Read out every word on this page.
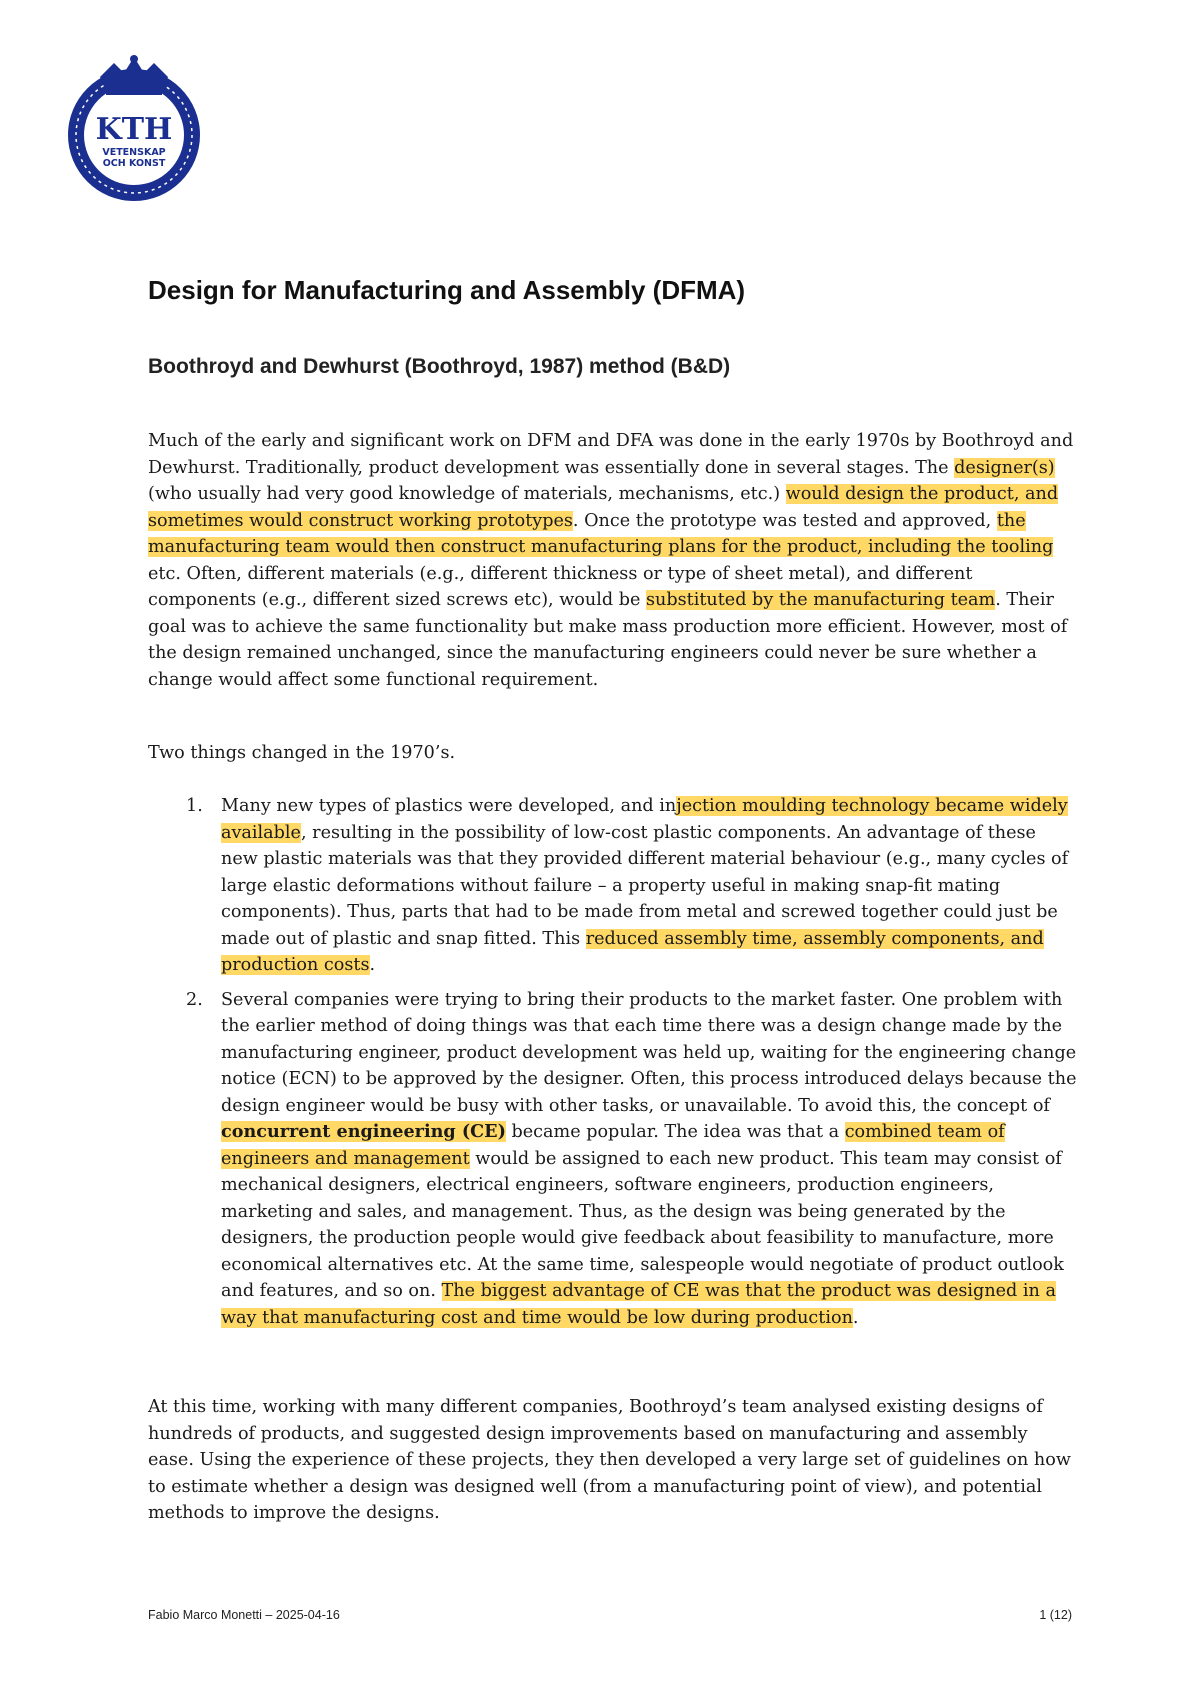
KTH
VETENSKAP
OCH KONST
Design for Manufacturing and Assembly (DFMA)
Boothroyd and Dewhurst (Boothroyd, 1987) method (B&D)

Much of the early and significant work on DFM and DFA was done in the early 1970s by Boothroyd and Dewhurst. Traditionally, product development was essentially done in several stages. The designer(s) (who usually had very good knowledge of materials, mechanisms, etc.) would design the product, and sometimes would construct working prototypes. Once the prototype was tested and approved, the manufacturing team would then construct manufacturing plans for the product, including the tooling etc. Often, different materials (e.g., different thickness or type of sheet metal), and different components (e.g., different sized screws etc), would be substituted by the manufacturing team. Their goal was to achieve the same functionality but make mass production more efficient. However, most of the design remained unchanged, since the manufacturing engineers could never be sure whether a change would affect some functional requirement.

Two things changed in the 1970’s.

1. Many new types of plastics were developed, and injection moulding technology became widely available, resulting in the possibility of low-cost plastic components. An advantage of these new plastic materials was that they provided different material behaviour (e.g., many cycles of large elastic deformations without failure – a property useful in making snap-fit mating components). Thus, parts that had to be made from metal and screwed together could just be made out of plastic and snap fitted. This reduced assembly time, assembly components, and production costs.
2. Several companies were trying to bring their products to the market faster. One problem with the earlier method of doing things was that each time there was a design change made by the manufacturing engineer, product development was held up, waiting for the engineering change notice (ECN) to be approved by the designer. Often, this process introduced delays because the design engineer would be busy with other tasks, or unavailable. To avoid this, the concept of concurrent engineering (CE) became popular. The idea was that a combined team of engineers and management would be assigned to each new product. This team may consist of mechanical designers, electrical engineers, software engineers, production engineers, marketing and sales, and management. Thus, as the design was being generated by the designers, the production people would give feedback about feasibility to manufacture, more economical alternatives etc. At the same time, salespeople would negotiate of product outlook and features, and so on. The biggest advantage of CE was that the product was designed in a way that manufacturing cost and time would be low during production.

At this time, working with many different companies, Boothroyd’s team analysed existing designs of hundreds of products, and suggested design improvements based on manufacturing and assembly ease. Using the experience of these projects, they then developed a very large set of guidelines on how to estimate whether a design was designed well (from a manufacturing point of view), and potential methods to improve the designs.

Fabio Marco Monetti – 2025-04-16	1 (12)
